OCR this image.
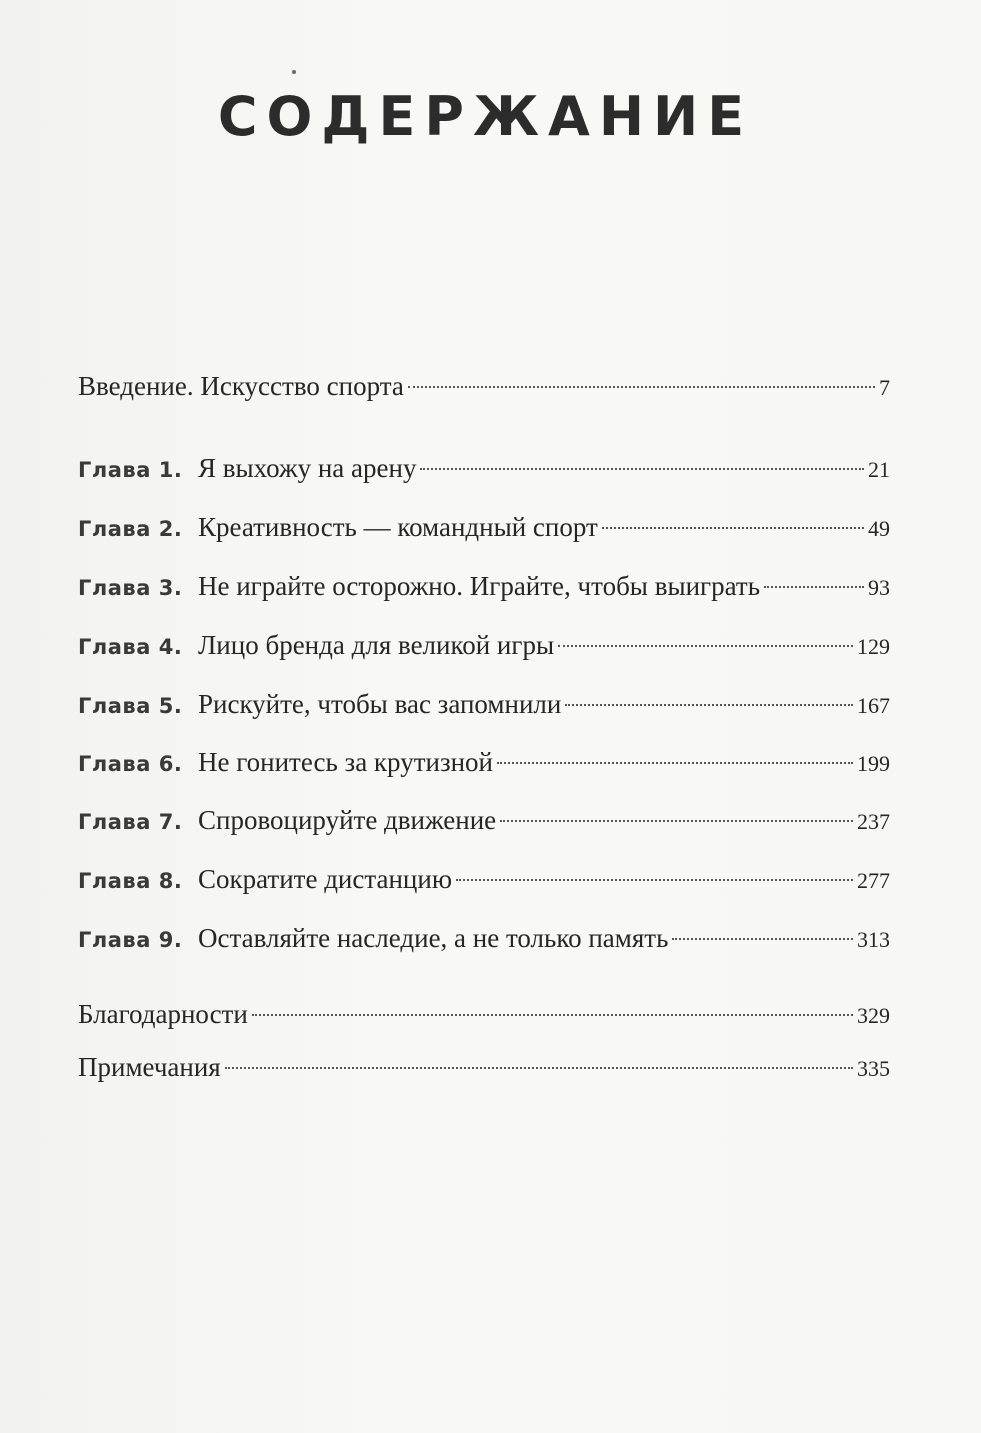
СОДЕРЖАНИЕ
Введение. Искусство спорта	7
Глава 1. Я выхожу на арену	21
Глава 2. Креативность — командный спорт	49
Глава 3. Не играйте осторожно. Играйте, чтобы выиграть	93
Глава 4. Лицо бренда для великой игры	129
Глава 5. Рискуйте, чтобы вас запомнили	167
Глава 6. Не гонитесь за крутизной	199
Глава 7. Спровоцируйте движение	237
Глава 8. Сократите дистанцию	277
Глава 9. Оставляйте наследие, а не только память	313
Благодарности	329
Примечания	335
